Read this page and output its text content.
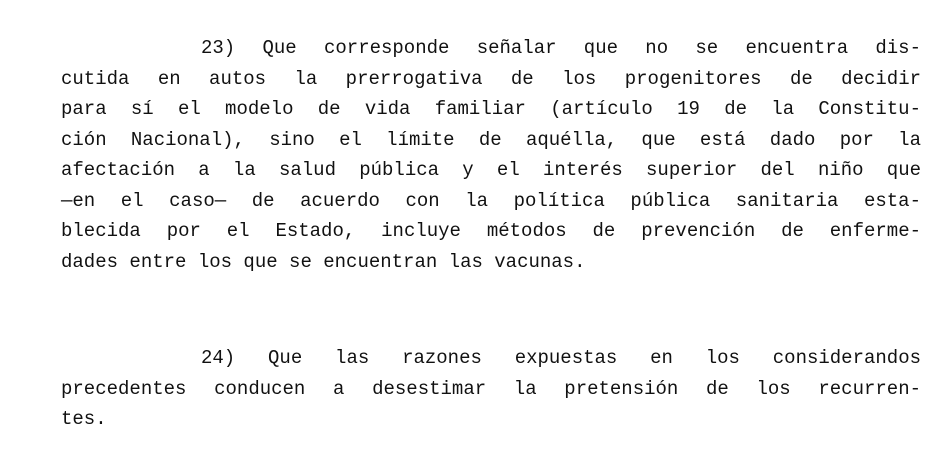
23) Que corresponde señalar que no se encuentra dis-
cutida en autos la prerrogativa de los progenitores de decidir
para sí el modelo de vida familiar (artículo 19 de la Constitu-
ción Nacional), sino el límite de aquélla, que está dado por la
afectación a la salud pública y el interés superior del niño que
—en el caso— de acuerdo con la política pública sanitaria esta-
blecida por el Estado, incluye métodos de prevención de enferme-
dades entre los que se encuentran las vacunas.
24) Que las razones expuestas en los considerandos
precedentes conducen a desestimar la pretensión de los recurren-
tes.
